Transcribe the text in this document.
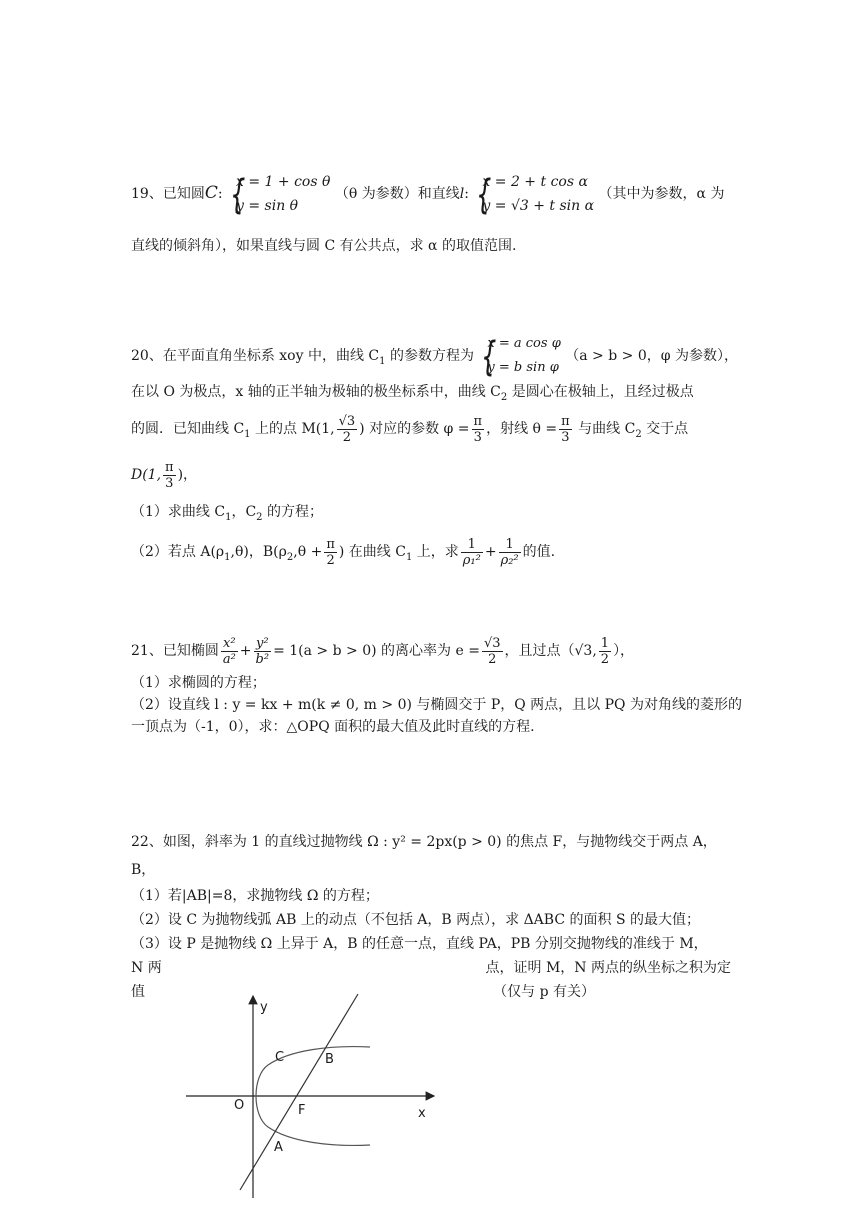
19、已知圆C:
{ x = 1 + cos θ
y = sin θ
（θ 为参数）和直线l:
{ x = 2 + t cos α
y = √3 + t sin α
（其中为参数，α 为
直线的倾斜角），如果直线与圆 C 有公共点，求 α 的取值范围.
20、在平面直角坐标系 xoy 中，曲线 $C_1$ 的参数方程为
{ x = a cos φ
y = b sin φ
（a > b > 0，φ 为参数），
在以 O 为极点，x 轴的正半轴为极轴的极坐标系中，曲线 $C_2$ 是圆心在极轴上，且经过极点
的圆．已知曲线 $C_1$ 上的点 M(1, $\frac{√3}{2}$ ) 对应的参数 $\varphi = \frac{\pi}{3}$ ，射线 $\theta = \frac{\pi}{3}$ 与曲线 $C_2$ 交于点
D(1, $\frac{\pi}{3}$ )，
（1）求曲线 $C_1$，$C_2$ 的方程；
（2）若点 $A(\rho_1,\theta)$，$B(\rho_2,\theta + \frac{\pi}{2}$ ) 在曲线 $C_1$ 上，求 $\frac{1}{\text{ρ₁²}} + \frac{1}{\text{ρ₂²}}$ 的值.
21、已知椭圆 $\frac{\text{x²}}{\text{a²}} + \frac{\text{y²}}{\text{b²}} = 1(a > b > 0)$ 的离心率为 $e = \frac{√3}{2}$ ，且过点（√3, $\frac{1}{2}$ ），
（1）求椭圆的方程；
（2）设直线 l : y = kx + m(k ≠ 0, m > 0) 与椭圆交于 P，Q 两点，且以 PQ 为对角线的菱形的
一顶点为（-1，0），求：△OPQ 面积的最大值及此时直线的方程.
22、如图，斜率为 1 的直线过抛物线 Ω : y² = 2px(p > 0) 的焦点 F，与抛物线交于两点 A，
B，
（1）若|AB|=8，求抛物线 Ω 的方程；
（2）设 C 为抛物线弧 AB 上的动点（不包括 A，B 两点），求 ΔABC 的面积 S 的最大值；
（3）设 P 是抛物线 Ω 上异于 A，B 的任意一点，直线 PA，PB 分别交抛物线的准线于 M，
N 两	点，证明 M，N 两点的纵坐标之积为定
值	（仅与 p 有关）
y
x
O	F
A
B
C
